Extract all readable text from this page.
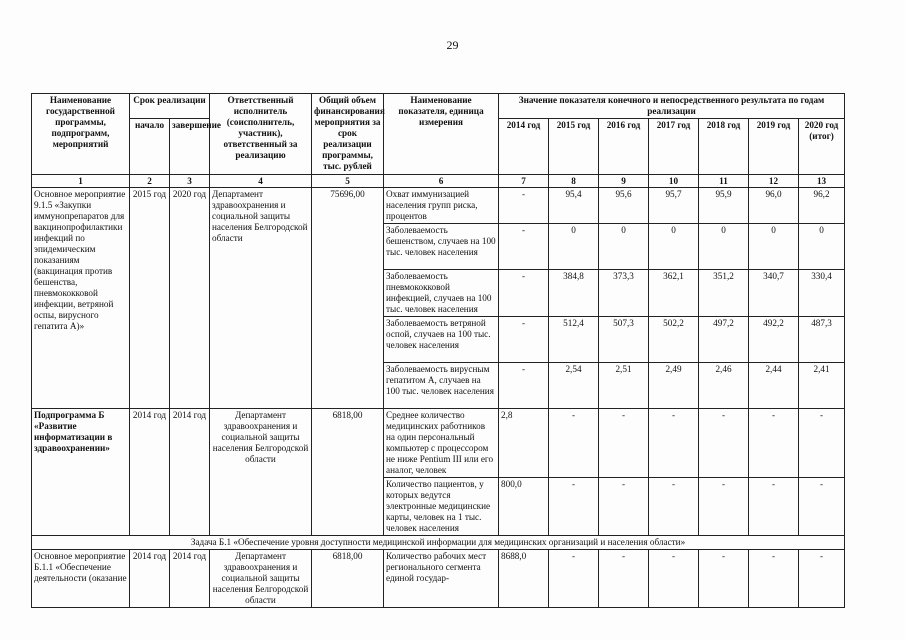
29
Наименование государственной программы, подпрограмм, мероприятий	Срок реализации		Ответственный исполнитель (соисполнитель, участник), ответственный за реализацию	Общий объем финансирования мероприятия за срок реализации программы, тыс. рублей	Наименование показателя, единица измерения	Значение показателя конечного и непосредственного результата по годам реализации						
	начало	завершение				2014 год	2015 год	2016 год	2017 год	2018 год	2019 год	2020 год (итог)
1	2	3	4	5	6	7	8	9	10	11	12	13
Основное мероприятие 9.1.5 «Закупки иммунопрепаратов для вакцинопрофилактики инфекций по эпидемическим показаниям (вакцинация против бешенства, пневмококковой инфекции, ветряной оспы, вирусного гепатита А)»	2015 год	2020 год	Департамент здравоохранения и социальной защиты населения Белгородской области	75696,00	Охват иммунизацией населения групп риска, процентов	-	95,4	95,6	95,7	95,9	96,0	96,2
					Заболеваемость бешенством, случаев на 100 тыс. человек населения	-	0	0	0	0	0	0
					Заболеваемость пневмококковой инфекцией, случаев на 100 тыс. человек населения	-	384,8	373,3	362,1	351,2	340,7	330,4
					Заболеваемость ветряной оспой, случаев на 100 тыс. человек населения	-	512,4	507,3	502,2	497,2	492,2	487,3
					Заболеваемость вирусным гепатитом А, случаев на 100 тыс. человек населения	-	2,54	2,51	2,49	2,46	2,44	2,41
Подпрограмма Б «Развитие информатизации в здравоохранении»	2014 год	2014 год	Департамент здравоохранения и социальной защиты населения Белгородской области	6818,00	Среднее количество медицинских работников на один персональный компьютер с процессором не ниже Pentium III или его аналог, человек	2,8	-	-	-	-	-	-
					Количество пациентов, у которых ведутся электронные медицинские карты, человек на 1 тыс. человек населения	800,0	-	-	-	-	-	-
Задача Б.1 «Обеспечение уровня доступности медицинской информации для медицинских организаций и населения области»												
Основное мероприятие Б.1.1 «Обеспечение деятельности (оказание	2014 год	2014 год	Департамент здравоохранения и социальной защиты населения Белгородской области	6818,00	Количество рабочих мест регионального сегмента единой государ-	8688,0	-	-	-	-	-	-
